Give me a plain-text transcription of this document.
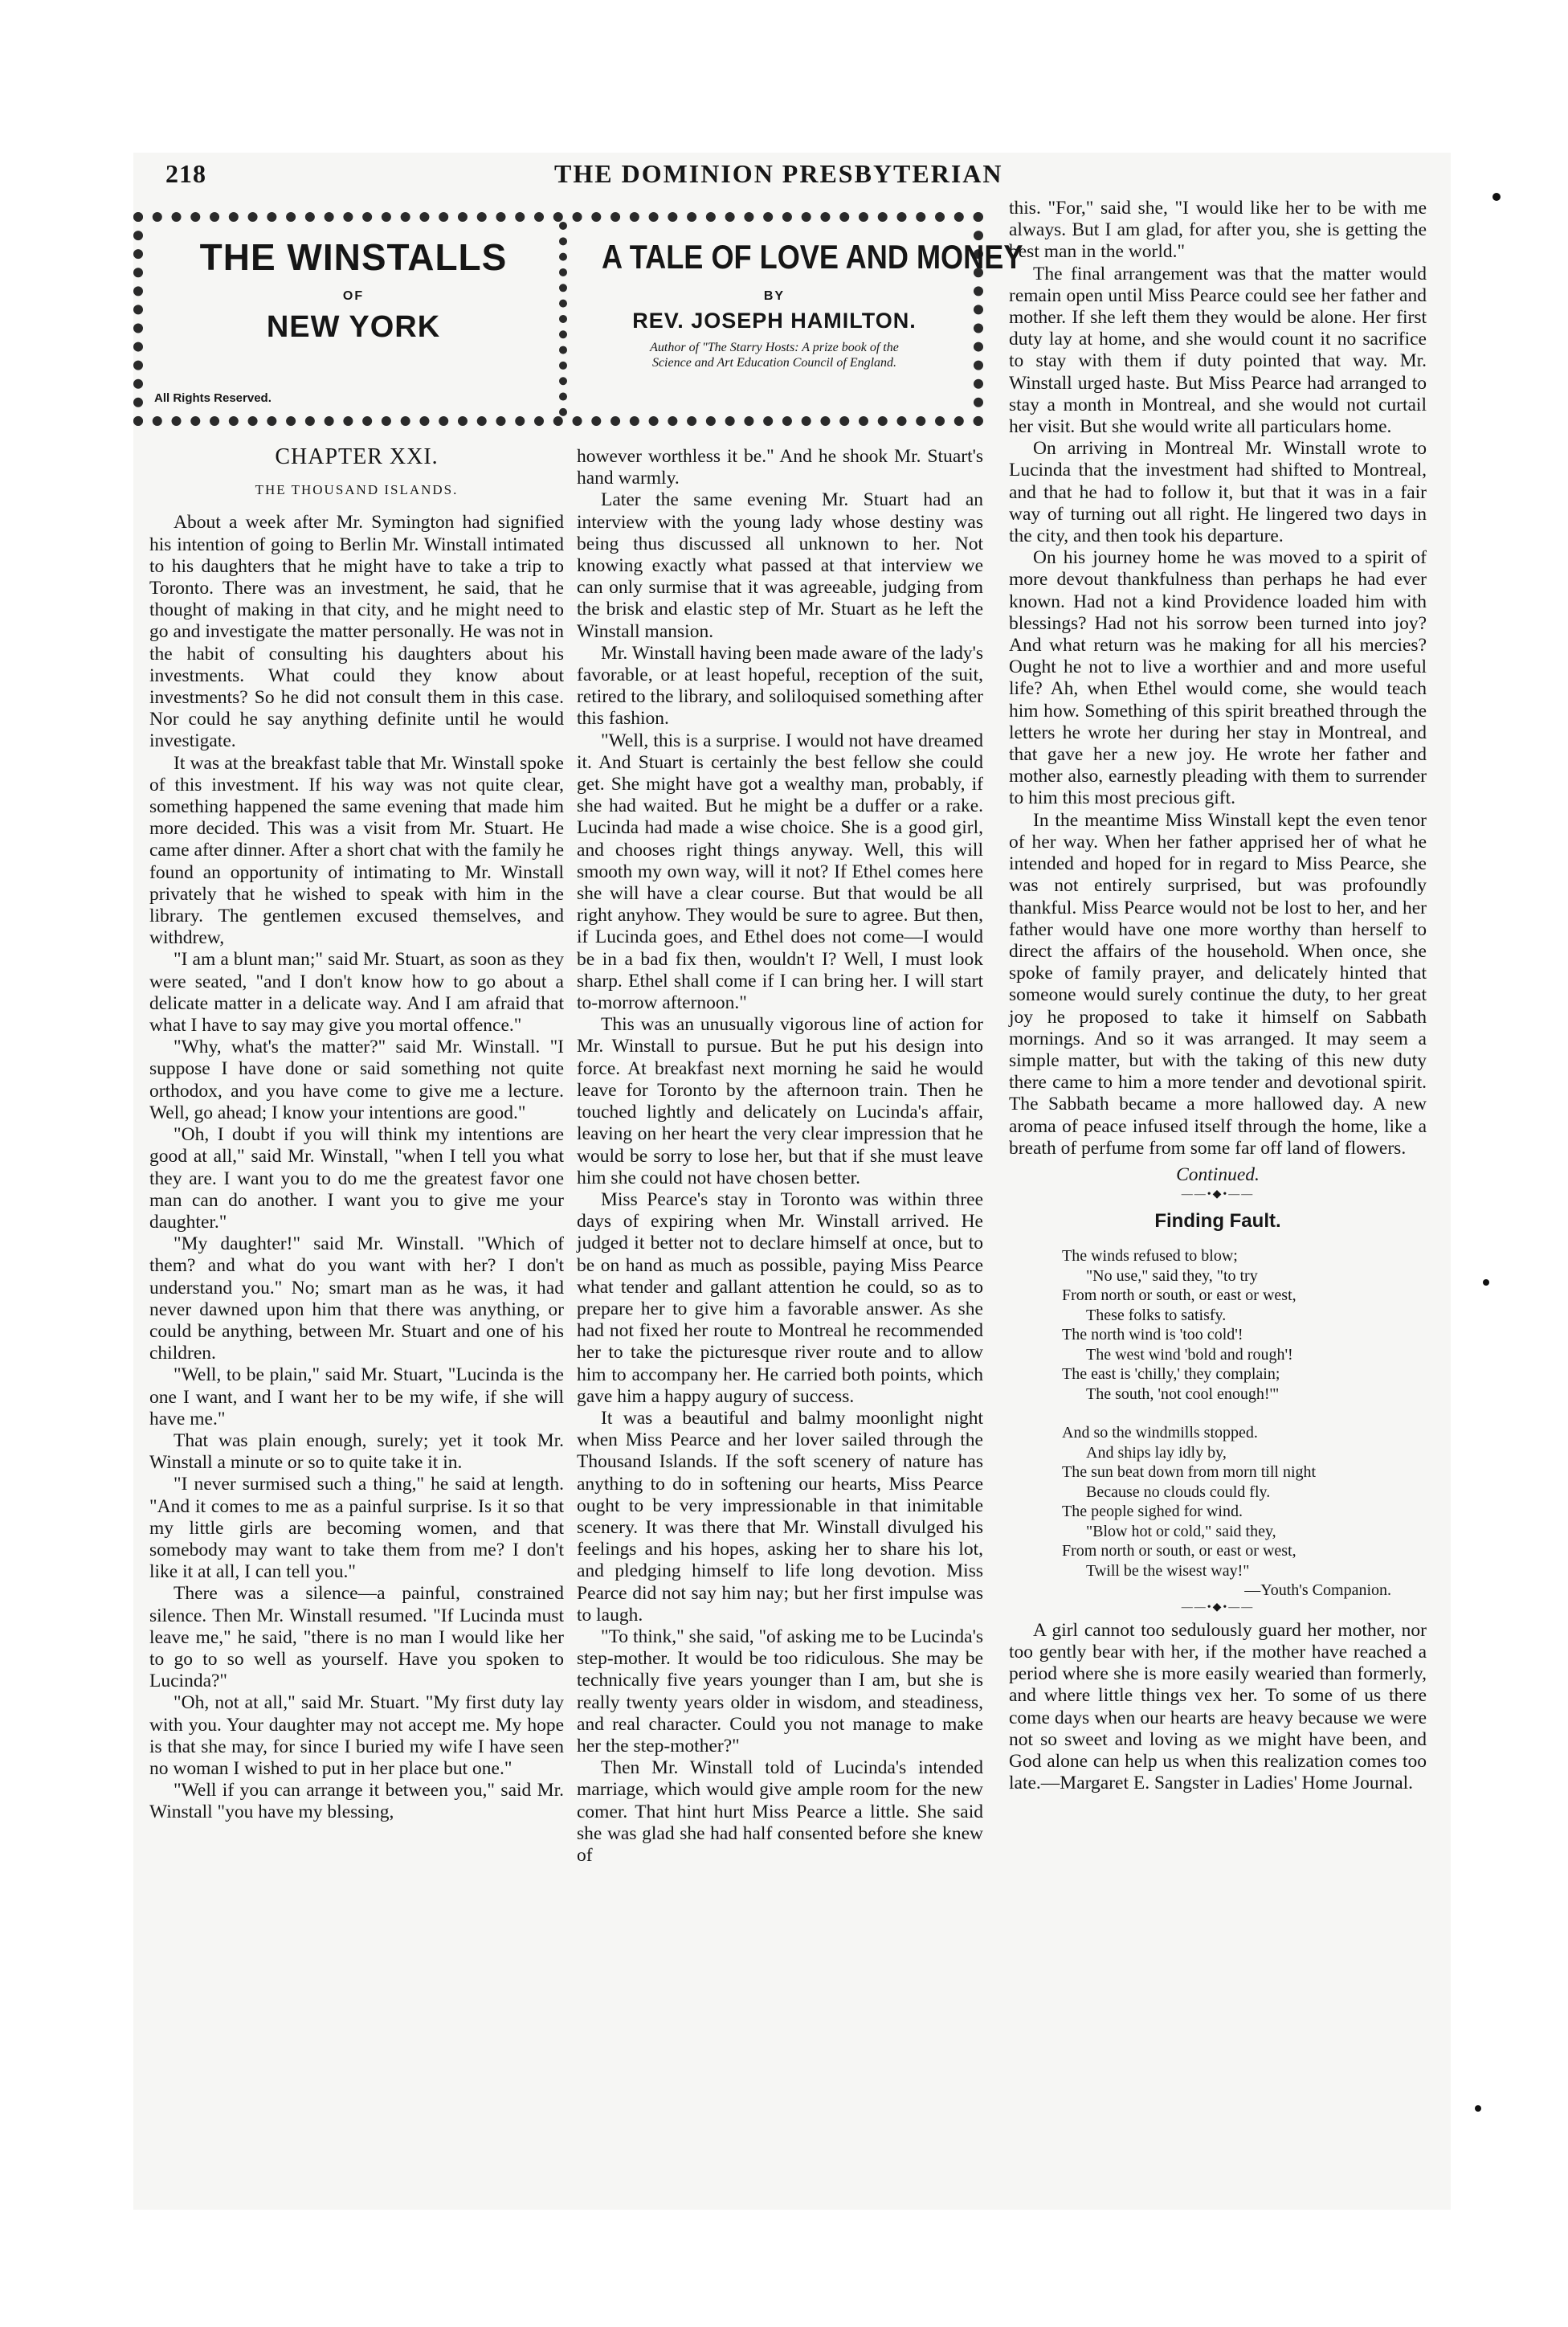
218	THE DOMINION PRESBYTERIAN
THE WINSTALLS
OF
NEW YORK
All Rights Reserved.
A TALE OF LOVE AND MONEY
BY
REV. JOSEPH HAMILTON.
Author of "The Starry Hosts: A prize book of the
Science and Art Education Council of England.

CHAPTER XXI.

THE THOUSAND ISLANDS.

About a week after Mr. Symington had signified his intention of going to Berlin Mr. Winstall intimated to his daughters that he might have to take a trip to Toronto. There was an investment, he said, that he thought of making in that city, and he might need to go and investigate the matter personally. He was not in the habit of consulting his daughters about his investments. What could they know about investments? So he did not consult them in this case. Nor could he say anything definite until he would investigate.

It was at the breakfast table that Mr. Winstall spoke of this investment. If his way was not quite clear, something happened the same evening that made him more decided. This was a visit from Mr. Stuart. He came after dinner. After a short chat with the family he found an opportunity of intimating to Mr. Winstall privately that he wished to speak with him in the library. The gentlemen excused themselves, and withdrew,

"I am a blunt man;" said Mr. Stuart, as soon as they were seated, "and I don't know how to go about a delicate matter in a delicate way. And I am afraid that what I have to say may give you mortal offence."

"Why, what's the matter?" said Mr. Winstall. "I suppose I have done or said something not quite orthodox, and you have come to give me a lecture. Well, go ahead; I know your intentions are good."

"Oh, I doubt if you will think my intentions are good at all," said Mr. Winstall, "when I tell you what they are. I want you to do me the greatest favor one man can do another. I want you to give me your daughter."

"My daughter!" said Mr. Winstall. "Which of them? and what do you want with her? I don't understand you." No; smart man as he was, it had never dawned upon him that there was anything, or could be anything, between Mr. Stuart and one of his children.

"Well, to be plain," said Mr. Stuart, "Lucinda is the one I want, and I want her to be my wife, if she will have me."

That was plain enough, surely; yet it took Mr. Winstall a minute or so to quite take it in.

"I never surmised such a thing," he said at length. "And it comes to me as a painful surprise. Is it so that my little girls are becoming women, and that somebody may want to take them from me? I don't like it at all, I can tell you."

There was a silence—a painful, constrained silence. Then Mr. Winstall resumed. "If Lucinda must leave me," he said, "there is no man I would like her to go to so well as yourself. Have you spoken to Lucinda?"

"Oh, not at all," said Mr. Stuart. "My first duty lay with you. Your daughter may not accept me. My hope is that she may, for since I buried my wife I have seen no woman I wished to put in her place but one."

"Well if you can arrange it between you," said Mr. Winstall "you have my blessing,

however worthless it be." And he shook Mr. Stuart's hand warmly.

Later the same evening Mr. Stuart had an interview with the young lady whose destiny was being thus discussed all unknown to her. Not knowing exactly what passed at that interview we can only surmise that it was agreeable, judging from the brisk and elastic step of Mr. Stuart as he left the Winstall mansion.

Mr. Winstall having been made aware of the lady's favorable, or at least hopeful, reception of the suit, retired to the library, and soliloquised something after this fashion.

"Well, this is a surprise. I would not have dreamed it. And Stuart is certainly the best fellow she could get. She might have got a wealthy man, probably, if she had waited. But he might be a duffer or a rake. Lucinda had made a wise choice. She is a good girl, and chooses right things anyway. Well, this will smooth my own way, will it not? If Ethel comes here she will have a clear course. But that would be all right anyhow. They would be sure to agree. But then, if Lucinda goes, and Ethel does not come—I would be in a bad fix then, wouldn't I? Well, I must look sharp. Ethel shall come if I can bring her. I will start to-morrow afternoon."

This was an unusually vigorous line of action for Mr. Winstall to pursue. But he put his design into force. At breakfast next morning he said he would leave for Toronto by the afternoon train. Then he touched lightly and delicately on Lucinda's affair, leaving on her heart the very clear impression that he would be sorry to lose her, but that if she must leave him she could not have chosen better.

Miss Pearce's stay in Toronto was within three days of expiring when Mr. Winstall arrived. He judged it better not to declare himself at once, but to be on hand as much as possible, paying Miss Pearce what tender and gallant attention he could, so as to prepare her to give him a favorable answer. As she had not fixed her route to Montreal he recommended her to take the picturesque river route and to allow him to accompany her. He carried both points, which gave him a happy augury of success.

It was a beautiful and balmy moonlight night when Miss Pearce and her lover sailed through the Thousand Islands. If the soft scenery of nature has anything to do in softening our hearts, Miss Pearce ought to be very impressionable in that inimitable scenery. It was there that Mr. Winstall divulged his feelings and his hopes, asking her to share his lot, and pledging himself to life long devotion. Miss Pearce did not say him nay; but her first impulse was to laugh.

"To think," she said, "of asking me to be Lucinda's step-mother. It would be too ridiculous. She may be technically five years younger than I am, but she is really twenty years older in wisdom, and steadiness, and real character. Could you not manage to make her the step-mother?"

Then Mr. Winstall told of Lucinda's intended marriage, which would give ample room for the new comer. That hint hurt Miss Pearce a little. She said she was glad she had half consented before she knew of

this. "For," said she, "I would like her to be with me always. But I am glad, for after you, she is getting the best man in the world."

The final arrangement was that the matter would remain open until Miss Pearce could see her father and mother. If she left them they would be alone. Her first duty lay at home, and she would count it no sacrifice to stay with them if duty pointed that way. Mr. Winstall urged haste. But Miss Pearce had arranged to stay a month in Montreal, and she would not curtail her visit. But she would write all particulars home.

On arriving in Montreal Mr. Winstall wrote to Lucinda that the investment had shifted to Montreal, and that he had to follow it, but that it was in a fair way of turning out all right. He lingered two days in the city, and then took his departure.

On his journey home he was moved to a spirit of more devout thankfulness than perhaps he had ever known. Had not a kind Providence loaded him with blessings? Had not his sorrow been turned into joy? And what return was he making for all his mercies? Ought he not to live a worthier and and more useful life? Ah, when Ethel would come, she would teach him how. Something of this spirit breathed through the letters he wrote her during her stay in Montreal, and that gave her a new joy. He wrote her father and mother also, earnestly pleading with them to surrender to him this most precious gift.

In the meantime Miss Winstall kept the even tenor of her way. When her father apprised her of what he intended and hoped for in regard to Miss Pearce, she was not entirely surprised, but was profoundly thankful. Miss Pearce would not be lost to her, and her father would have one more worthy than herself to direct the affairs of the household. When once, she spoke of family prayer, and delicately hinted that someone would surely continue the duty, to her great joy he proposed to take it himself on Sabbath mornings. And so it was arranged. It may seem a simple matter, but with the taking of this new duty there came to him a more tender and devotional spirit. The Sabbath became a more hallowed day. A new aroma of peace infused itself through the home, like a breath of perfume from some far off land of flowers.

Continued.

——•◆•——

Finding Fault.

The winds refused to blow;
"No use," said they, "to try
From north or south, or east or west,
These folks to satisfy.
The north wind is 'too cold'!
The west wind 'bold and rough'!
The east is 'chilly,' they complain;
The south, 'not cool enough!'"
And so the windmills stopped.
And ships lay idly by,
The sun beat down from morn till night
Because no clouds could fly.
The people sighed for wind.
"Blow hot or cold," said they,
From north or south, or east or west,
Twill be the wisest way!"
—Youth's Companion.
——•◆•——

A girl cannot too sedulously guard her mother, nor too gently bear with her, if the mother have reached a period where she is more easily wearied than formerly, and where little things vex her. To some of us there come days when our hearts are heavy because we were not so sweet and loving as we might have been, and God alone can help us when this realization comes too late.—Margaret E. Sangster in Ladies' Home Journal.
